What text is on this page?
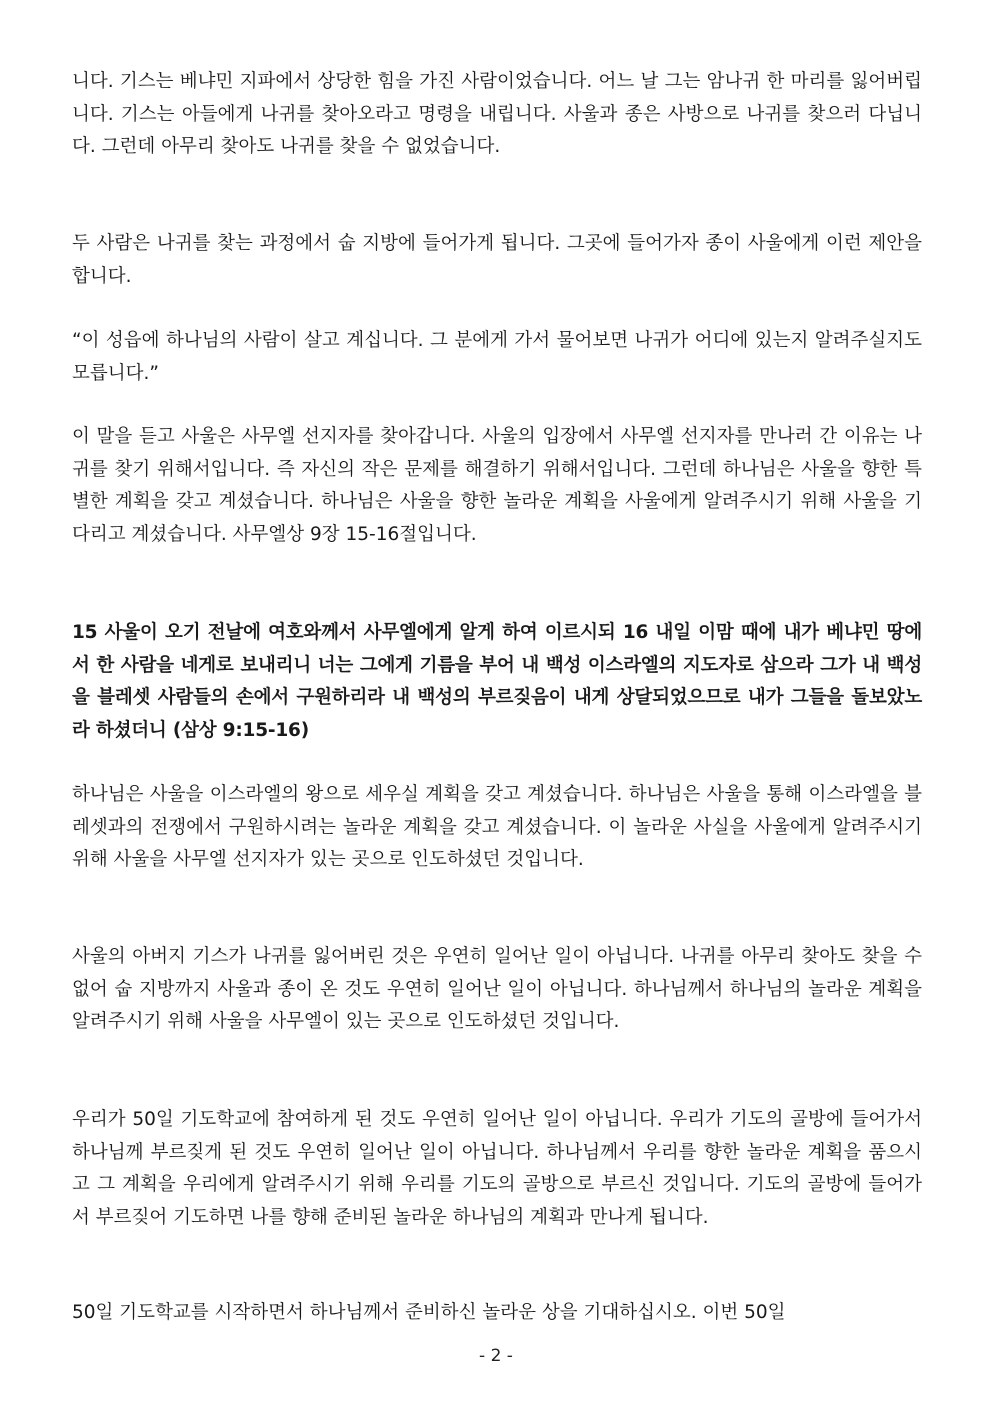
니다. 기스는 베냐민 지파에서 상당한 힘을 가진 사람이었습니다. 어느 날 그는 암나귀 한 마리를 잃어버립니다. 기스는 아들에게 나귀를 찾아오라고 명령을 내립니다. 사울과 종은 사방으로 나귀를 찾으러 다닙니다. 그런데 아무리 찾아도 나귀를 찾을 수 없었습니다.
두 사람은 나귀를 찾는 과정에서 숩 지방에 들어가게 됩니다. 그곳에 들어가자 종이 사울에게 이런 제안을 합니다.
“이 성읍에 하나님의 사람이 살고 계십니다. 그 분에게 가서 물어보면 나귀가 어디에 있는지 알려주실지도 모릅니다.”
이 말을 듣고 사울은 사무엘 선지자를 찾아갑니다. 사울의 입장에서 사무엘 선지자를 만나러 간 이유는 나귀를 찾기 위해서입니다. 즉 자신의 작은 문제를 해결하기 위해서입니다. 그런데 하나님은 사울을 향한 특별한 계획을 갖고 계셨습니다. 하나님은 사울을 향한 놀라운 계획을 사울에게 알려주시기 위해 사울을 기다리고 계셨습니다. 사무엘상 9장 15-16절입니다.
15 사울이 오기 전날에 여호와께서 사무엘에게 알게 하여 이르시되 16 내일 이맘 때에 내가 베냐민 땅에서 한 사람을 네게로 보내리니 너는 그에게 기름을 부어 내 백성 이스라엘의 지도자로 삼으라 그가 내 백성을 블레셋 사람들의 손에서 구원하리라 내 백성의 부르짖음이 내게 상달되었으므로 내가 그들을 돌보았노라 하셨더니 (삼상 9:15-16)
하나님은 사울을 이스라엘의 왕으로 세우실 계획을 갖고 계셨습니다. 하나님은 사울을 통해 이스라엘을 블레셋과의 전쟁에서 구원하시려는 놀라운 계획을 갖고 계셨습니다. 이 놀라운 사실을 사울에게 알려주시기 위해 사울을 사무엘 선지자가 있는 곳으로 인도하셨던 것입니다.
사울의 아버지 기스가 나귀를 잃어버린 것은 우연히 일어난 일이 아닙니다. 나귀를 아무리 찾아도 찾을 수 없어 숩 지방까지 사울과 종이 온 것도 우연히 일어난 일이 아닙니다. 하나님께서 하나님의 놀라운 계획을 알려주시기 위해 사울을 사무엘이 있는 곳으로 인도하셨던 것입니다.
우리가 50일 기도학교에 참여하게 된 것도 우연히 일어난 일이 아닙니다. 우리가 기도의 골방에 들어가서 하나님께 부르짖게 된 것도 우연히 일어난 일이 아닙니다. 하나님께서 우리를 향한 놀라운 계획을 품으시고 그 계획을 우리에게 알려주시기 위해 우리를 기도의 골방으로 부르신 것입니다. 기도의 골방에 들어가서 부르짖어 기도하면 나를 향해 준비된 놀라운 하나님의 계획과 만나게 됩니다.
50일 기도학교를 시작하면서 하나님께서 준비하신 놀라운 상을 기대하십시오. 이번 50일
- 2 -
